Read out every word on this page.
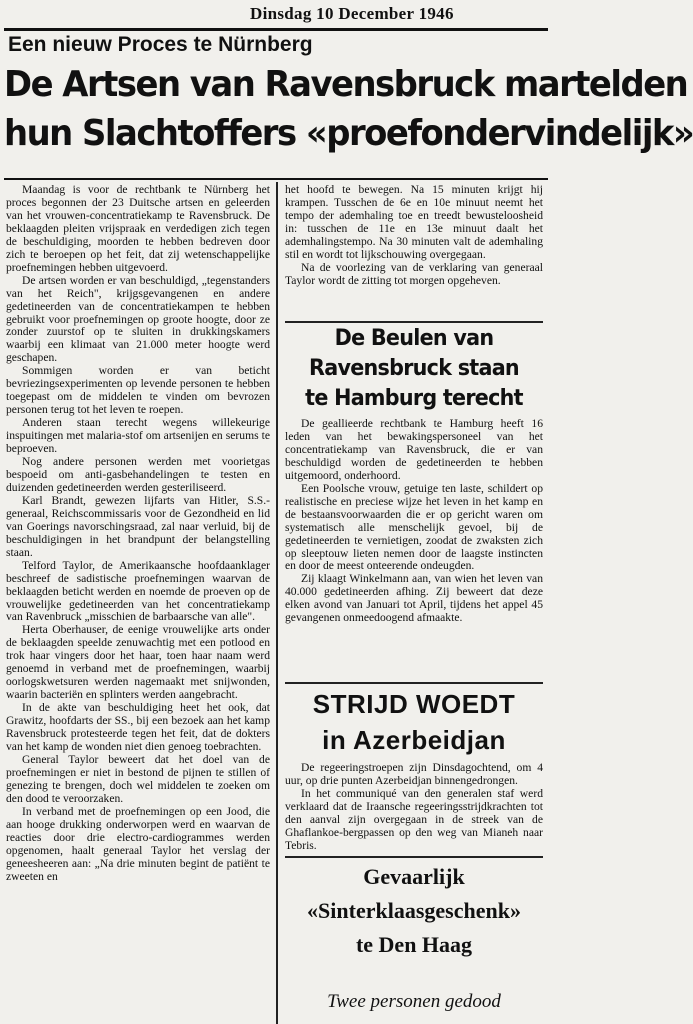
Dinsdag 10 December 1946
Een nieuw Proces te Nürnberg
De Artsen van Ravensbruck martelden
hun Slachtoffers «proefondervindelijk»

Maandag is voor de rechtbank te Nürnberg het proces begonnen der 23 Duitsche artsen en geleerden van het vrouwen-concentratiekamp te Ravensbruck. De beklaagden pleiten vrijspraak en verdedigen zich tegen de beschuldiging, moorden te hebben bedreven door zich te beroepen op het feit, dat zij wetenschappelijke proefnemingen hebben uitgevoerd.

De artsen worden er van beschuldigd, „tegenstanders van het Reich", krijgsgevangenen en andere gedetineerden van de concentratiekampen te hebben gebruikt voor proefnemingen op groote hoogte, door ze zonder zuurstof op te sluiten in drukkingskamers waarbij een klimaat van 21.000 meter hoogte werd geschapen.

Sommigen worden er van beticht bevriezingsexperimenten op levende personen te hebben toegepast om de middelen te vinden om bevrozen personen terug tot het leven te roepen.

Anderen staan terecht wegens willekeurige inspuitingen met malaria-stof om artsenijen en serums te beproeven.

Nog andere personen werden met voorietgas bespoeid om anti-gasbehandelingen te testen en duizenden gedetineerden werden gesteriliseerd.

Karl Brandt, gewezen lijfarts van Hitler, S.S.-generaal, Reichscommissaris voor de Gezondheid en lid van Goerings navorschingsraad, zal naar verluid, bij de beschuldigingen in het brandpunt der belangstelling staan.

Telford Taylor, de Amerikaansche hoofdaanklager beschreef de sadistische proefnemingen waarvan de beklaagden beticht werden en noemde de proeven op de vrouwelijke gedetineerden van het concentratiekamp van Ravenbruck „misschien de barbaarsche van alle".

Herta Oberhauser, de eenige vrouwelijke arts onder de beklaagden speelde zenuwachtig met een potlood en trok haar vingers door het haar, toen haar naam werd genoemd in verband met de proefnemingen, waarbij oorlogskwetsuren werden nagemaakt met snijwonden, waarin bacteriën en splinters werden aangebracht.

In de akte van beschuldiging heet het ook, dat Grawitz, hoofdarts der SS., bij een bezoek aan het kamp Ravensbruck protesteerde tegen het feit, dat de dokters van het kamp de wonden niet dien genoeg toebrachten.

General Taylor beweert dat het doel van de proefnemingen er niet in bestond de pijnen te stillen of genezing te brengen, doch wel middelen te zoeken om den dood te veroorzaken.

In verband met de proefnemingen op een Jood, die aan hooge drukking onderworpen werd en waarvan de reacties door drie electro-cardiogrammes werden opgenomen, haalt generaal Taylor het verslag der geneesheeren aan: „Na drie minuten begint de patiënt te zweeten en

het hoofd te bewegen. Na 15 minuten krijgt hij krampen. Tusschen de 6e en 10e minuut neemt het tempo der ademhaling toe en treedt bewusteloosheid in: tusschen de 11e en 13e minuut daalt het ademhalingstempo. Na 30 minuten valt de ademhaling stil en wordt tot lijkschouwing overgegaan.

Na de voorlezing van de verklaring van generaal Taylor wordt de zitting tot morgen opgeheven.

De Beulen van Ravensbruck staan te Hamburg terecht

De geallieerde rechtbank te Hamburg heeft 16 leden van het bewakingspersoneel van het concentratiekamp van Ravensbruck, die er van beschuldigd worden de gedetineerden te hebben uitgemoord, onderhoord.

Een Poolsche vrouw, getuige ten laste, schildert op realistische en preciese wijze het leven in het kamp en de bestaansvoorwaarden die er op gericht waren om systematisch alle menschelijk gevoel, bij de gedetineerden te vernietigen, zoodat de zwaksten zich op sleeptouw lieten nemen door de laagste instincten en door de meest onteerende ondeugden.

Zij klaagt Winkelmann aan, van wien het leven van 40.000 gedetineerden afhing. Zij beweert dat deze elken avond van Januari tot April, tijdens het appel 45 gevangenen onmeedoogend afmaakte.

STRIJD WOEDT
in Azerbeidjan

De regeeringstroepen zijn Dinsdagochtend, om 4 uur, op drie punten Azerbeidjan binnengedrongen.

In het communiqué van den generalen staf werd verklaard dat de Iraansche regeeringsstrijdkrachten tot den aanval zijn overgegaan in de streek van de Ghaflankoe-bergpassen op den weg van Mianeh naar Tebris.

Gevaarlijk
«Sinterklaasgeschenk»
te Den Haag
Twee personen gedood
